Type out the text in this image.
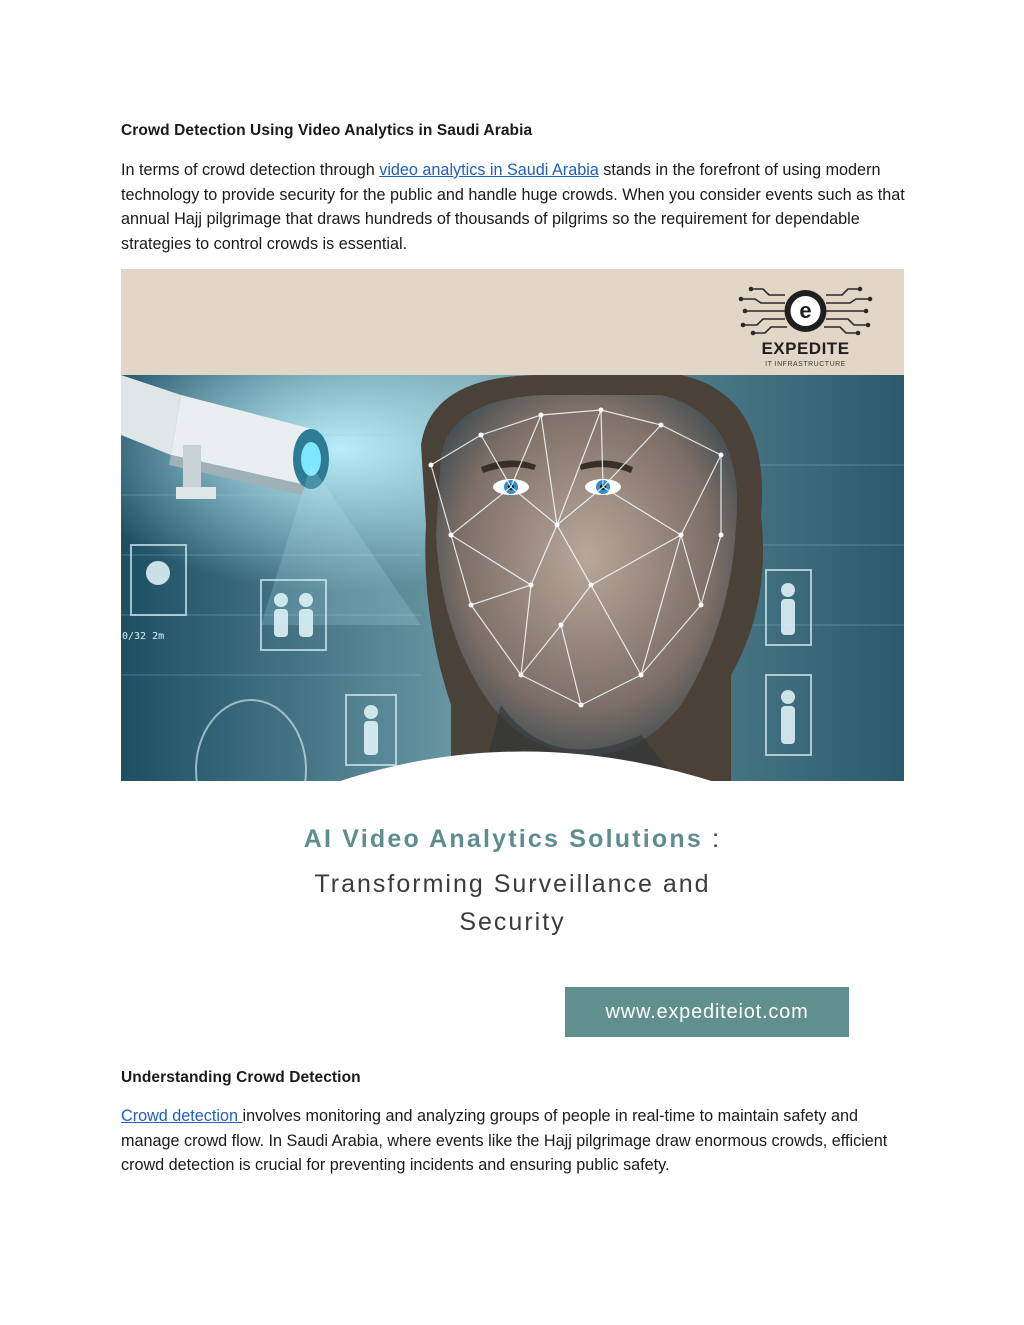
Crowd Detection Using Video Analytics in Saudi Arabia

In terms of crowd detection through video analytics in Saudi Arabia stands in the forefront of using modern technology to provide security for the public and handle huge crowds. When you consider events such as that annual Hajj pilgrimage that draws hundreds of thousands of pilgrims so the requirement for dependable strategies to control crowds is essential.

e
EXPEDITE
IT INFRASTRUCTURE
0/32 2m
AI Video Analytics Solutions :
Transforming Surveillance and
Security
www.expediteiot.com
Understanding Crowd Detection

Crowd detection involves monitoring and analyzing groups of people in real-time to maintain safety and manage crowd flow. In Saudi Arabia, where events like the Hajj pilgrimage draw enormous crowds, efficient crowd detection is crucial for preventing incidents and ensuring public safety.
